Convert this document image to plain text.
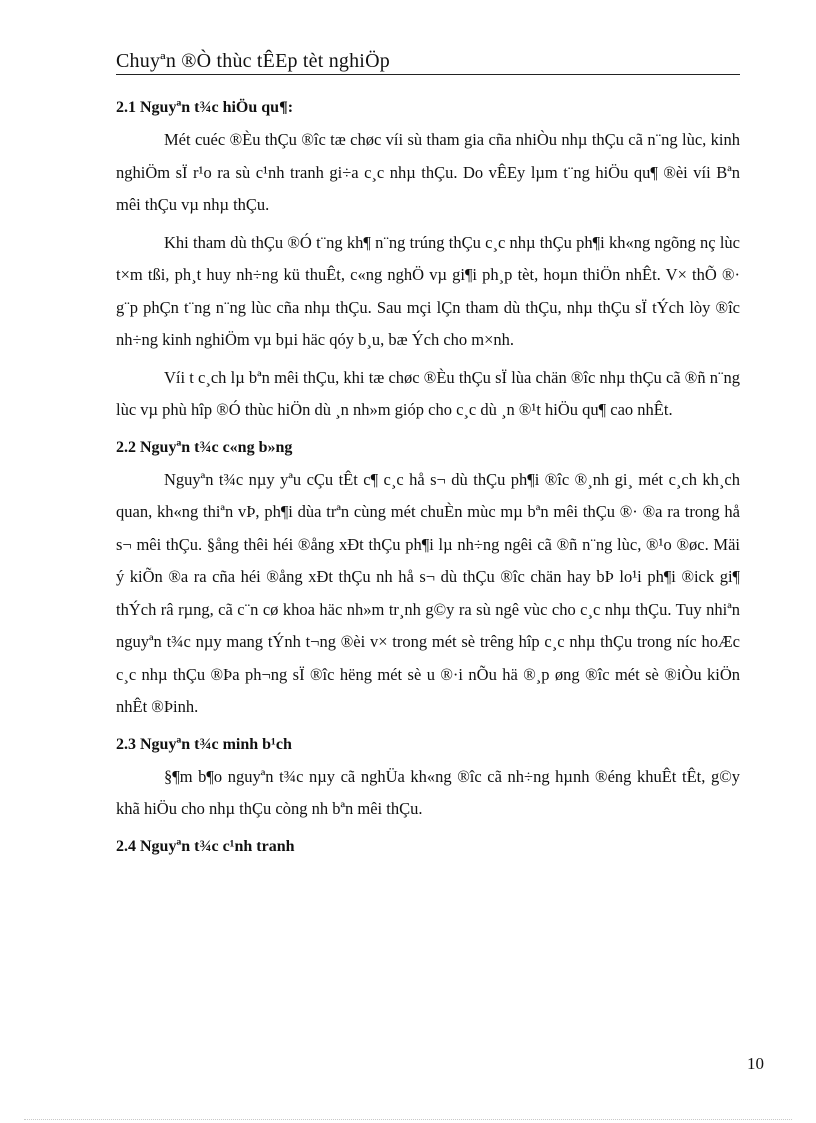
Chuyªn ®Ò thùc tÊEp tèt nghiÖp
2.1 Nguyªn t¾c hiÖu qu¶:

Mét cuéc ®Èu thÇu ®îc tæ chøc víi sù tham gia cña nhiÒu nhµ thÇu cã n¨ng lùc, kinh nghiÖm sÏ r¹o ra sù c¹nh tranh gi÷a c¸c nhµ thÇu. Do vÊEy lµm t¨ng hiÖu qu¶ ®èi víi Bªn mêi thÇu vµ nhµ thÇu.

Khi tham dù thÇu ®Ó t¨ng kh¶ n¨ng trúng thÇu c¸c nhµ thÇu ph¶i kh«ng ngõng nç lùc t×m tßi, ph¸t huy nh÷ng kü thuÊt, c«ng nghÖ vµ gi¶i ph¸p tèt, hoµn thiÖn nhÊt. V× thÕ ®· g¨p phÇn t¨ng n¨ng lùc cña nhµ thÇu. Sau mçi lÇn tham dù thÇu, nhµ thÇu sÏ tÝch lòy ®îc nh÷ng kinh nghiÖm vµ bµi häc qóy b¸u, bæ Ých cho m×nh.

Víi t c¸ch lµ bªn mêi thÇu, khi tæ chøc ®Èu thÇu sÏ lùa chän ®îc nhµ thÇu cã ®ñ n¨ng lùc vµ phù hîp ®Ó thùc hiÖn dù ¸n nh»m gióp cho c¸c dù ¸n ®¹t hiÖu qu¶ cao nhÊt.

2.2 Nguyªn t¾c c«ng b»ng

Nguyªn t¾c nµy yªu cÇu tÊt c¶ c¸c hå s¬ dù thÇu ph¶i ®îc ®¸nh gi¸ mét c¸ch kh¸ch quan, kh«ng thiªn vÞ, ph¶i dùa trªn cùng mét chuÈn mùc mµ bªn mêi thÇu ®· ®a ra trong hå s¬ mêi thÇu. §ång thêi héi ®ång xÐt thÇu ph¶i lµ nh÷ng ngêi cã ®ñ n¨ng lùc, ®¹o ®øc. Mäi ý kiÕn ®a ra cña héi ®ång xÐt thÇu nh hå s¬ dù thÇu ®îc chän hay bÞ lo¹i ph¶i ®ick gi¶ thÝch râ rµng, cã c¨n cø khoa häc nh»m tr¸nh g©y ra sù ngê vùc cho c¸c nhµ thÇu. Tuy nhiªn nguyªn t¾c nµy mang tÝnh t¬ng ®èi v× trong mét sè trêng hîp c¸c nhµ thÇu trong níc hoÆc c¸c nhµ thÇu ®Þa ph¬ng sÏ ®îc hëng mét sè u ®·i nÕu hä ®¸p øng ®îc mét sè ®iÒu kiÖn nhÊt ®Þinh.

2.3 Nguyªn t¾c minh b¹ch

§¶m b¶o nguyªn t¾c nµy cã nghÜa kh«ng ®îc cã nh÷ng hµnh ®éng khuÊt tÊt, g©y khã hiÖu cho nhµ thÇu còng nh bªn mêi thÇu.

2.4 Nguyªn t¾c c¹nh tranh
10
